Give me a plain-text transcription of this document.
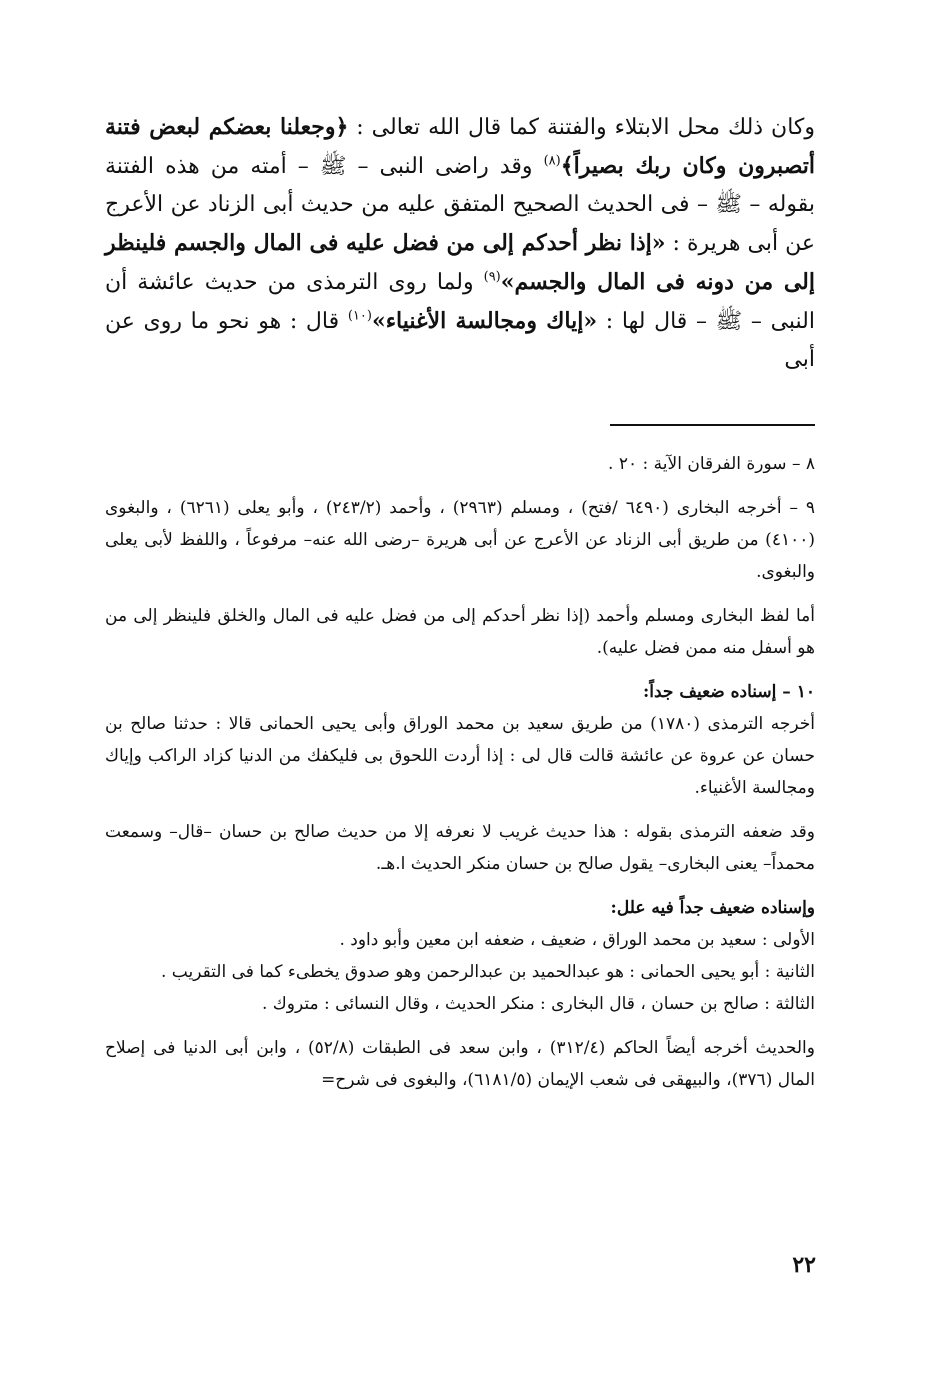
وكان ذلك محل الابتلاء والفتنة كما قال الله تعالى : ﴿وجعلنا بعضكم لبعض فتنة أتصبرون وكان ربك بصيراً﴾$^{(٨)}$ وقد راضى النبى – ﷺ – أمته من هذه الفتنة بقوله – ﷺ – فى الحديث الصحيح المتفق عليه من حديث أبى الزناد عن الأعرج عن أبى هريرة : «إذا نظر أحدكم إلى من فضل عليه فى المال والجسم فلينظر إلى من دونه فى المال والجسم»$^{(٩)}$ ولما روى الترمذى من حديث عائشة أن النبى – ﷺ – قال لها : «إياك ومجالسة الأغنياء»$^{(١٠)}$ قال : هو نحو ما روى عن أبى

٨ – سورة الفرقان الآية : ٢٠ .

٩ – أخرجه البخارى (٦٤٩٠ /فتح) ، ومسلم (٢٩٦٣) ، وأحمد (٢٤٣/٢) ، وأبو يعلى (٦٢٦١) ، والبغوى (٤١٠٠) من طريق أبى الزناد عن الأعرج عن أبى هريرة –رضى الله عنه– مرفوعاً ، واللفظ لأبى يعلى والبغوى.

أما لفظ البخارى ومسلم وأحمد (إذا نظر أحدكم إلى من فضل عليه فى المال والخلق فلينظر إلى من هو أسفل منه ممن فضل عليه).

١٠ – إسناده ضعيف جداً:

أخرجه الترمذى (١٧٨٠) من طريق سعيد بن محمد الوراق وأبى يحيى الحمانى قالا : حدثنا صالح بن حسان عن عروة عن عائشة قالت قال لى : إذا أردت اللحوق بى فليكفك من الدنيا كزاد الراكب وإياك ومجالسة الأغنياء.

وقد ضعفه الترمذى بقوله : هذا حديث غريب لا نعرفه إلا من حديث صالح بن حسان –قال– وسمعت محمداً– يعنى البخارى– يقول صالح بن حسان منكر الحديث ا.هـ.

وإسناده ضعيف جداً فيه علل:

الأولى : سعيد بن محمد الوراق ، ضعيف ، ضعفه ابن معين وأبو داود .

الثانية : أبو يحيى الحمانى : هو عبدالحميد بن عبدالرحمن وهو صدوق يخطىء كما فى التقريب .

الثالثة : صالح بن حسان ، قال البخارى : منكر الحديث ، وقال النسائى : متروك .

والحديث أخرجه أيضاً الحاكم (٣١٢/٤) ، وابن سعد فى الطبقات (٥٢/٨) ، وابن أبى الدنيا فى إصلاح المال (٣٧٦)، والبيهقى فى شعب الإيمان (٦١٨١/٥)، والبغوى فى شرح=

٢٢
